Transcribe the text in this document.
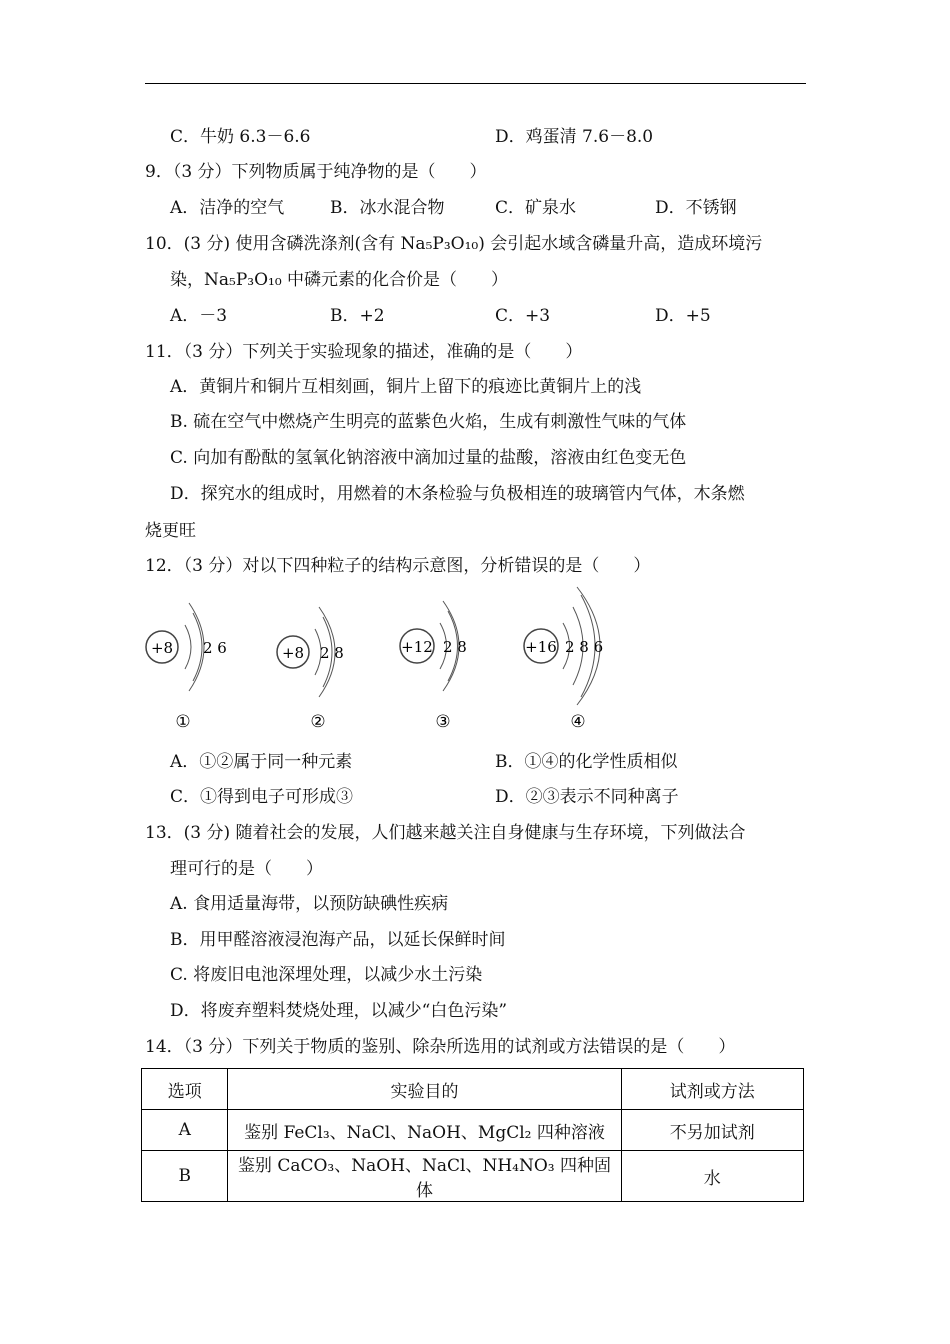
C．牛奶 6.3－6.6	D．鸡蛋清 7.6－8.0
9．（3 分）下列物质属于纯净物的是（　　）
A．洁净的空气	B．冰水混合物	C．矿泉水	D．不锈钢
10．(3 分) 使用含磷洗涤剂(含有 Na₅P₃O₁₀) 会引起水域含磷量升高，造成环境污
染，Na₅P₃O₁₀ 中磷元素的化合价是（　　）
A．－3	B．+2	C．+3	D．+5
11．（3 分）下列关于实验现象的描述，准确的是（　　）
A．黄铜片和铜片互相刻画，铜片上留下的痕迹比黄铜片上的浅
B. 硫在空气中燃烧产生明亮的蓝紫色火焰，生成有刺激性气味的气体
C. 向加有酚酞的氢氧化钠溶液中滴加过量的盐酸，溶液由红色变无色
D．探究水的组成时，用燃着的木条检验与负极相连的玻璃管内气体，木条燃
烧更旺
12．（3 分）对以下四种粒子的结构示意图，分析错误的是（　　）
+8 2 6
①
+8 2 8
②
+12 2 8
③
+16 2 8 6
④
A．①②属于同一种元素	B．①④的化学性质相似
C．①得到电子可形成③	D．②③表示不同种离子
13．(3 分) 随着社会的发展，人们越来越关注自身健康与生存环境，下列做法合
理可行的是（　　）
A. 食用适量海带，以预防缺碘性疾病
B．用甲醛溶液浸泡海产品，以延长保鲜时间
C. 将废旧电池深埋处理，以减少水土污染
D．将废弃塑料焚烧处理，以减少“白色污染”
14．（3 分）下列关于物质的鉴别、除杂所选用的试剂或方法错误的是（　　）
选项	实验目的	试剂或方法
A	鉴别 FeCl₃、NaCl、NaOH、MgCl₂ 四种溶液	不另加试剂
B	鉴别 CaCO₃、NaOH、NaCl、NH₄NO₃ 四种固体	水
